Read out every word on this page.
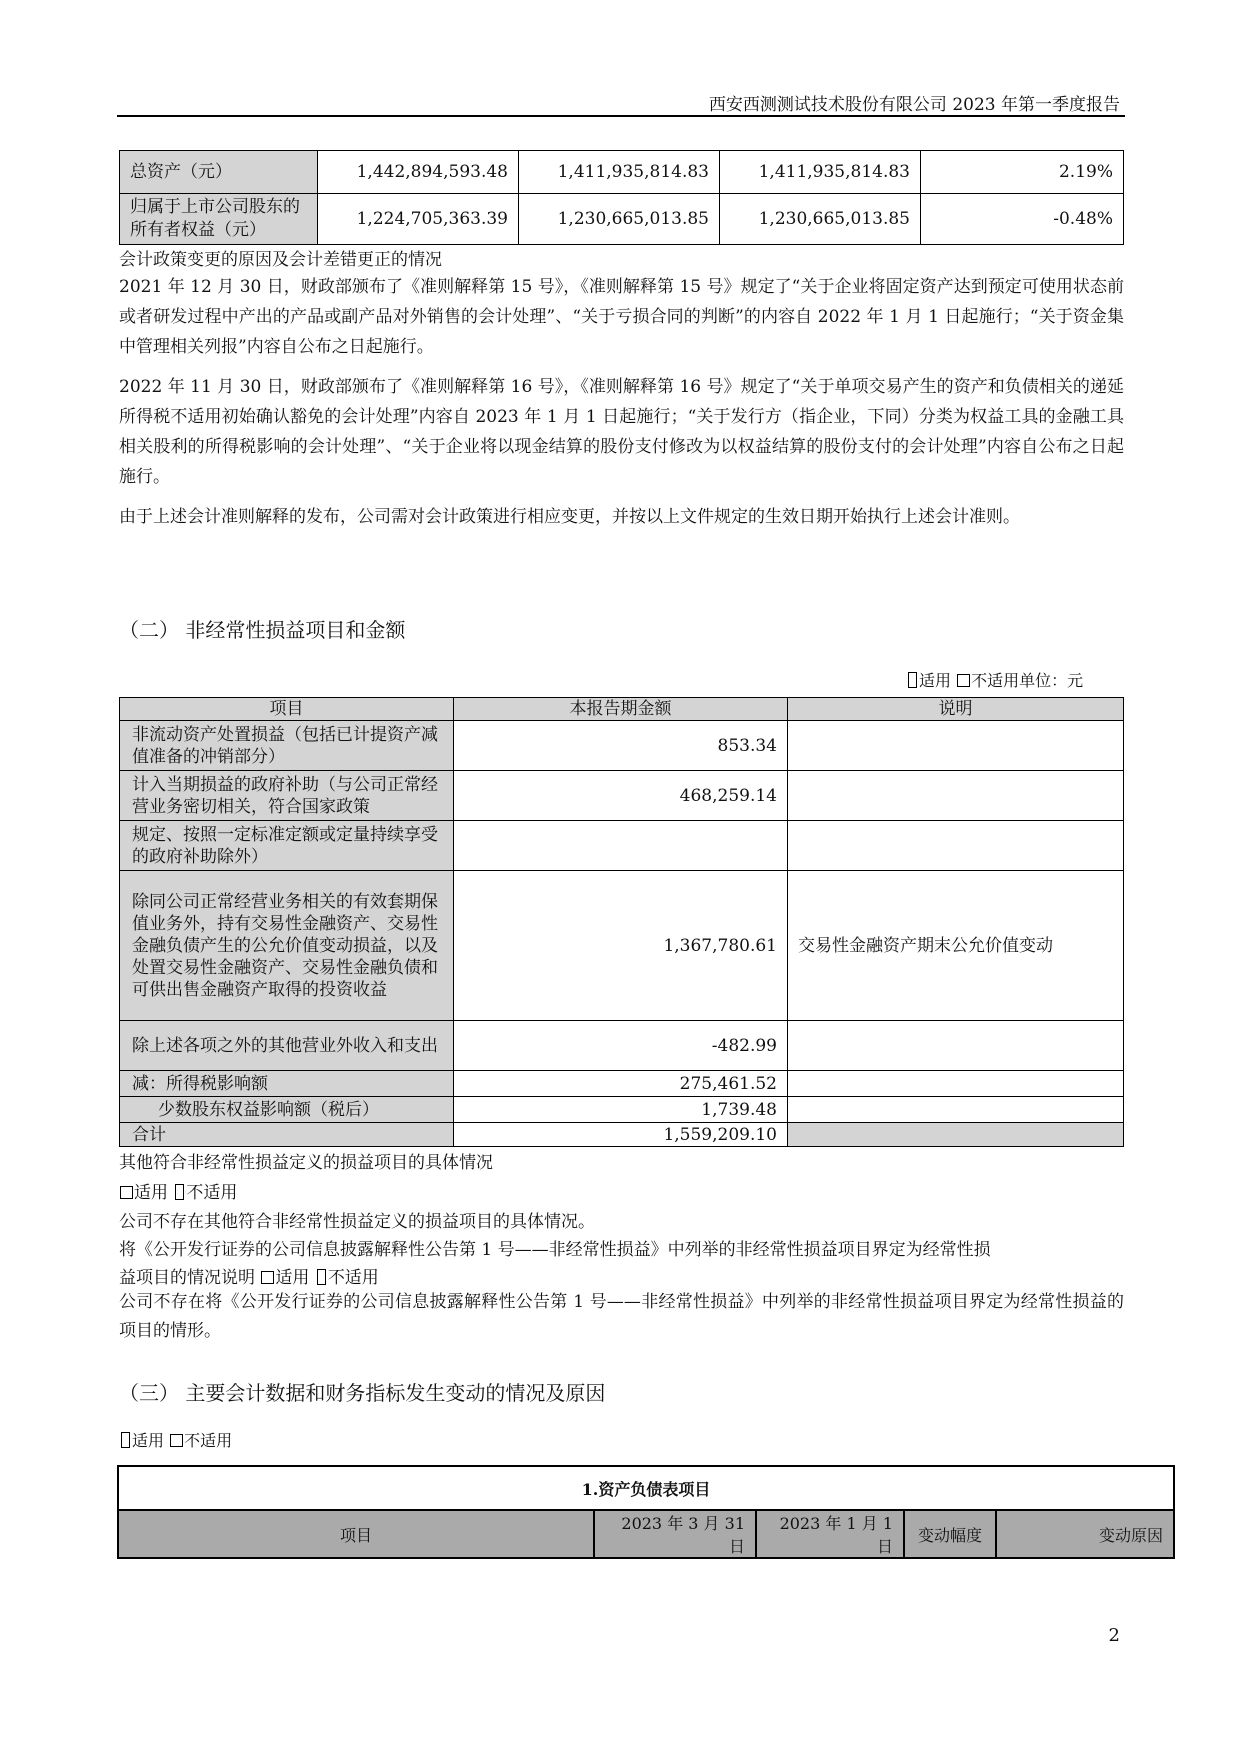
西安西测测试技术股份有限公司 2023 年第一季度报告
总资产（元）	1,442,894,593.48	1,411,935,814.83	1,411,935,814.83	2.19%
归属于上市公司股东的所有者权益（元）	1,224,705,363.39	1,230,665,013.85	1,230,665,013.85	-0.48%
会计政策变更的原因及会计差错更正的情况
2021 年 12 月 30 日，财政部颁布了《准则解释第 15 号》，《准则解释第 15 号》规定了“关于企业将固定资产达到预定可使用状态前或者研发过程中产出的产品或副产品对外销售的会计处理”、“关于亏损合同的判断”的内容自 2022 年 1 月 1 日起施行；“关于资金集中管理相关列报”内容自公布之日起施行。
2022 年 11 月 30 日，财政部颁布了《准则解释第 16 号》，《准则解释第 16 号》规定了“关于单项交易产生的资产和负债相关的递延所得税不适用初始确认豁免的会计处理”内容自 2023 年 1 月 1 日起施行；“关于发行方（指企业，下同）分类为权益工具的金融工具相关股利的所得税影响的会计处理”、“关于企业将以现金结算的股份支付修改为以权益结算的股份支付的会计处理”内容自公布之日起施行。
由于上述会计准则解释的发布，公司需对会计政策进行相应变更，并按以上文件规定的生效日期开始执行上述会计准则。
（二） 非经常性损益项目和金额
适用 不适用单位：元
项目	本报告期金额	说明
非流动资产处置损益（包括已计提资产减值准备的冲销部分）	853.34	
计入当期损益的政府补助（与公司正常经营业务密切相关，符合国家政策	468,259.14	
规定、按照一定标准定额或定量持续享受的政府补助除外）		
除同公司正常经营业务相关的有效套期保值业务外，持有交易性金融资产、交易性金融负债产生的公允价值变动损益，以及处置交易性金融资产、交易性金融负债和可供出售金融资产取得的投资收益	1,367,780.61	交易性金融资产期末公允价值变动
除上述各项之外的其他营业外收入和支出	-482.99	
减：所得税影响额	275,461.52	
少数股东权益影响额（税后）	1,739.48	
合计	1,559,209.10	
其他符合非经常性损益定义的损益项目的具体情况
适用 不适用
公司不存在其他符合非经常性损益定义的损益项目的具体情况。
将《公开发行证券的公司信息披露解释性公告第 1 号——非经常性损益》中列举的非经常性损益项目界定为经常性损
益项目的情况说明 适用 不适用
公司不存在将《公开发行证券的公司信息披露解释性公告第 1 号——非经常性损益》中列举的非经常性损益项目界定为经常性损益的项目的情形。
（三） 主要会计数据和财务指标发生变动的情况及原因
适用 不适用
1.资产负债表项目
项目	2023 年 3 月 31 日	2023 年 1 月 1 日	变动幅度	变动原因
2
